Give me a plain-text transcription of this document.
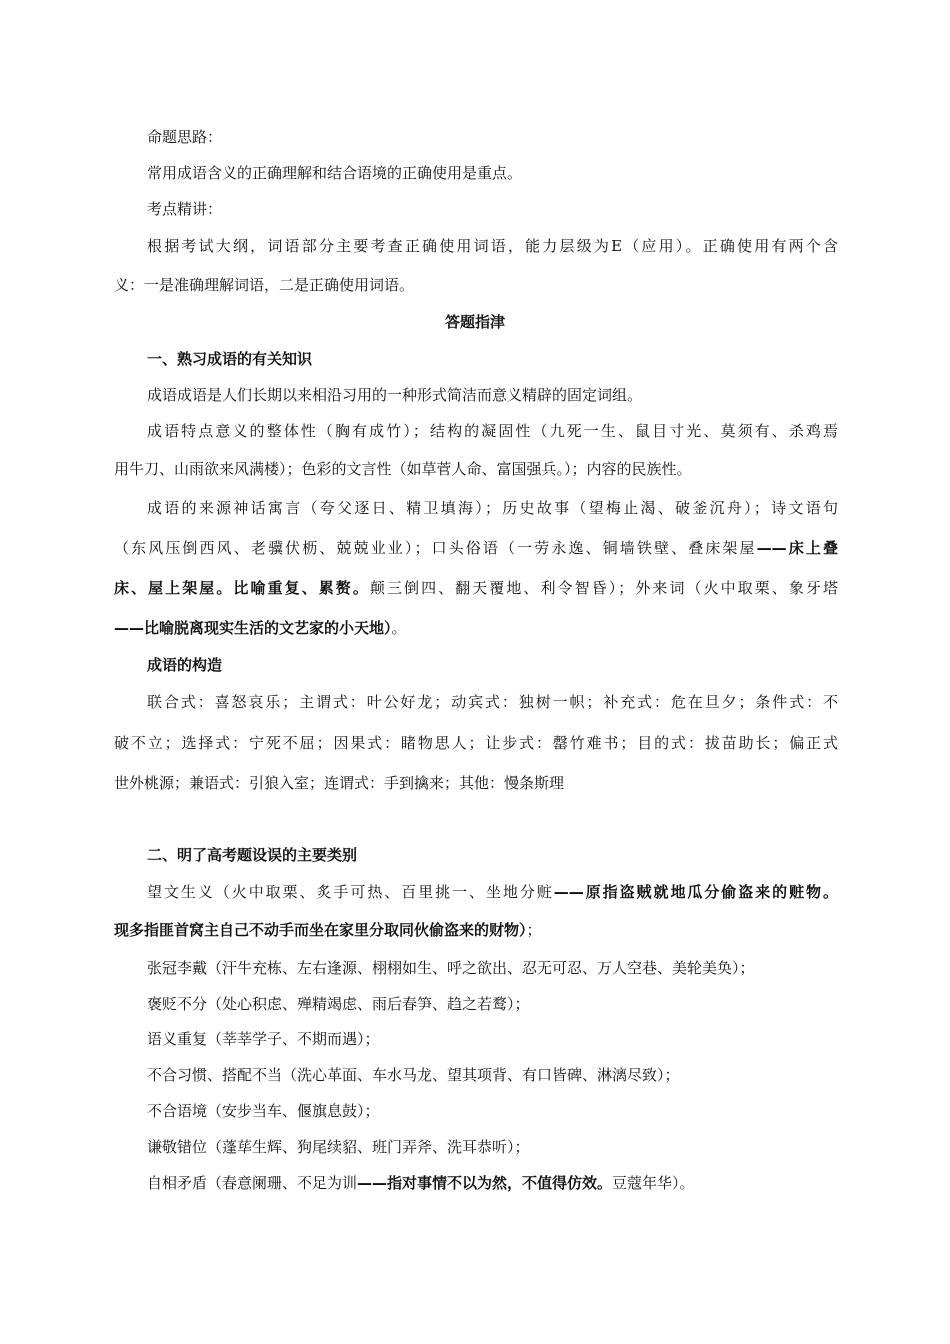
命题思路：
常用成语含义的正确理解和结合语境的正确使用是重点。
考点精讲：
根据考试大纲，词语部分主要考查正确使用词语，能力层级为E（应用）。正确使用有两个含
义：一是准确理解词语，二是正确使用词语。
答题指津
一、熟习成语的有关知识
成语成语是人们长期以来相沿习用的一种形式简洁而意义精辟的固定词组。
成语特点意义的整体性（胸有成竹）；结构的凝固性（九死一生、鼠目寸光、莫须有、杀鸡焉
用牛刀、山雨欲来风满楼）；色彩的文言性（如草菅人命、富国强兵。）；内容的民族性。
成语的来源神话寓言（夸父逐日、精卫填海）；历史故事（望梅止渴、破釜沉舟）；诗文语句
（东风压倒西风、老骥伏枥、兢兢业业）；口头俗语（一劳永逸、铜墙铁壁、叠床架屋——床上叠
床、屋上架屋。比喻重复、累赘。颠三倒四、翻天覆地、利令智昏）；外来词（火中取栗、象牙塔
——比喻脱离现实生活的文艺家的小天地）。
成语的构造
联合式：喜怒哀乐；主谓式：叶公好龙；动宾式：独树一帜；补充式：危在旦夕；条件式：不
破不立；选择式：宁死不屈；因果式：睹物思人；让步式：罄竹难书；目的式：拔苗助长；偏正式
世外桃源；兼语式：引狼入室；连谓式：手到擒来；其他：慢条斯理
二、明了高考题设误的主要类别
望文生义（火中取栗、炙手可热、百里挑一、坐地分赃——原指盗贼就地瓜分偷盗来的赃物。
现多指匪首窝主自己不动手而坐在家里分取同伙偷盗来的财物）；
张冠李戴（汗牛充栋、左右逢源、栩栩如生、呼之欲出、忍无可忍、万人空巷、美轮美奂）；
褒贬不分（处心积虑、殚精竭虑、雨后春笋、趋之若鹜）；
语义重复（莘莘学子、不期而遇）；
不合习惯、搭配不当（洗心革面、车水马龙、望其项背、有口皆碑、淋漓尽致）；
不合语境（安步当车、偃旗息鼓）；
谦敬错位（蓬荜生辉、狗尾续貂、班门弄斧、洗耳恭听）；
自相矛盾（春意阑珊、不足为训——指对事情不以为然，不值得仿效。豆蔻年华）。
